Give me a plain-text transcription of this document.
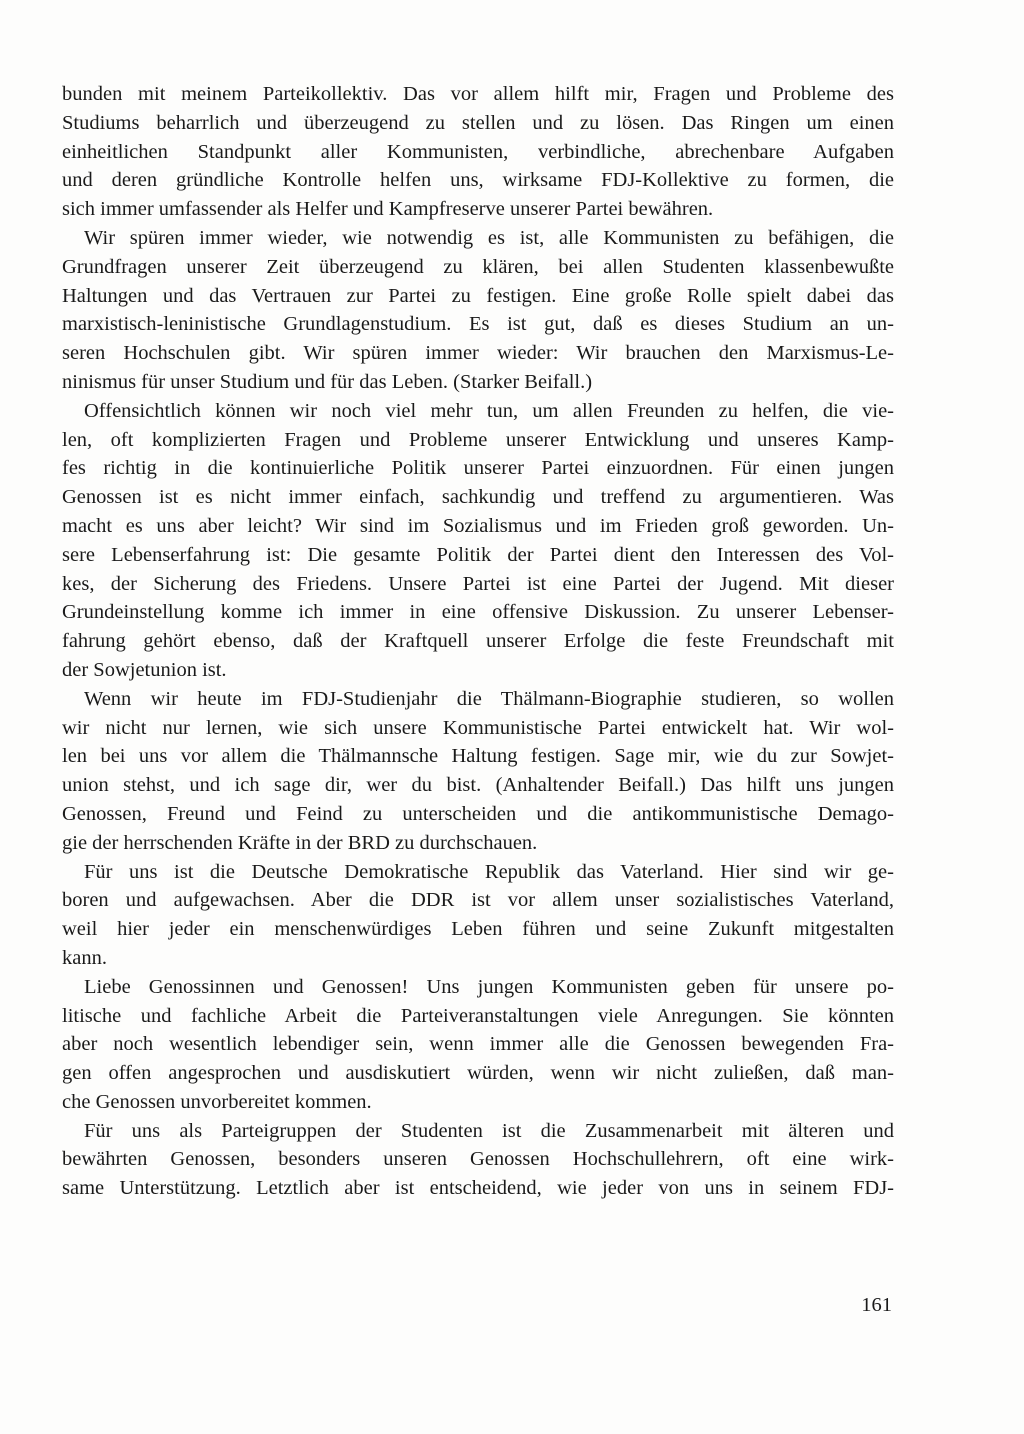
bunden mit meinem Parteikollektiv. Das vor allem hilft mir, Fragen und Probleme des
Studiums beharrlich und überzeugend zu stellen und zu lösen. Das Ringen um einen
einheitlichen Standpunkt aller Kommunisten, verbindliche, abrechenbare Aufgaben
und deren gründliche Kontrolle helfen uns, wirksame FDJ-Kollektive zu formen, die
sich immer umfassender als Helfer und Kampfreserve unserer Partei bewähren.

Wir spüren immer wieder, wie notwendig es ist, alle Kommunisten zu befähigen, die
Grundfragen unserer Zeit überzeugend zu klären, bei allen Studenten klassenbewußte
Haltungen und das Vertrauen zur Partei zu festigen. Eine große Rolle spielt dabei das
marxistisch-leninistische Grundlagenstudium. Es ist gut, daß es dieses Studium an un-
seren Hochschulen gibt. Wir spüren immer wieder: Wir brauchen den Marxismus-Le-
ninismus für unser Studium und für das Leben. (Starker Beifall.)

Offensichtlich können wir noch viel mehr tun, um allen Freunden zu helfen, die vie-
len, oft komplizierten Fragen und Probleme unserer Entwicklung und unseres Kamp-
fes richtig in die kontinuierliche Politik unserer Partei einzuordnen. Für einen jungen
Genossen ist es nicht immer einfach, sachkundig und treffend zu argumentieren. Was
macht es uns aber leicht? Wir sind im Sozialismus und im Frieden groß geworden. Un-
sere Lebenserfahrung ist: Die gesamte Politik der Partei dient den Interessen des Vol-
kes, der Sicherung des Friedens. Unsere Partei ist eine Partei der Jugend. Mit dieser
Grundeinstellung komme ich immer in eine offensive Diskussion. Zu unserer Lebenser-
fahrung gehört ebenso, daß der Kraftquell unserer Erfolge die feste Freundschaft mit
der Sowjetunion ist.

Wenn wir heute im FDJ-Studienjahr die Thälmann-Biographie studieren, so wollen
wir nicht nur lernen, wie sich unsere Kommunistische Partei entwickelt hat. Wir wol-
len bei uns vor allem die Thälmannsche Haltung festigen. Sage mir, wie du zur Sowjet-
union stehst, und ich sage dir, wer du bist. (Anhaltender Beifall.) Das hilft uns jungen
Genossen, Freund und Feind zu unterscheiden und die antikommunistische Demago-
gie der herrschenden Kräfte in der BRD zu durchschauen.

Für uns ist die Deutsche Demokratische Republik das Vaterland. Hier sind wir ge-
boren und aufgewachsen. Aber die DDR ist vor allem unser sozialistisches Vaterland,
weil hier jeder ein menschenwürdiges Leben führen und seine Zukunft mitgestalten
kann.

Liebe Genossinnen und Genossen! Uns jungen Kommunisten geben für unsere po-
litische und fachliche Arbeit die Parteiveranstaltungen viele Anregungen. Sie könnten
aber noch wesentlich lebendiger sein, wenn immer alle die Genossen bewegenden Fra-
gen offen angesprochen und ausdiskutiert würden, wenn wir nicht zuließen, daß man-
che Genossen unvorbereitet kommen.

Für uns als Parteigruppen der Studenten ist die Zusammenarbeit mit älteren und
bewährten Genossen, besonders unseren Genossen Hochschullehrern, oft eine wirk-
same Unterstützung. Letztlich aber ist entscheidend, wie jeder von uns in seinem FDJ-

161
